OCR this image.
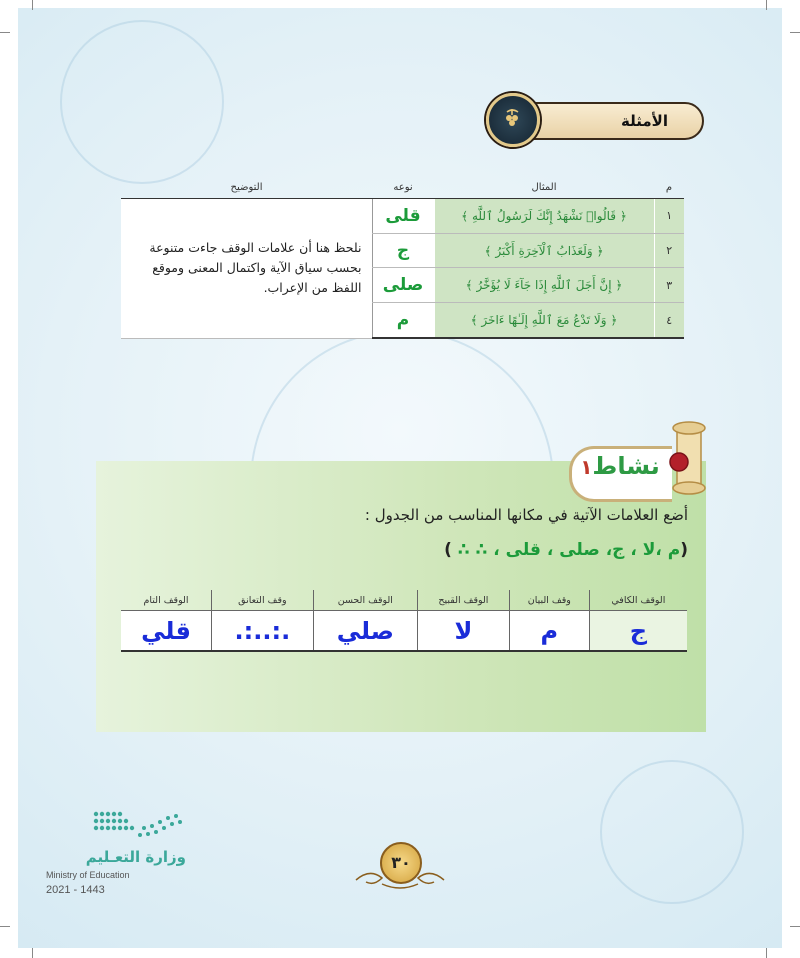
الأمثلة
م	المثال	نوعه	التوضيح
١	﴿ قَالُوا۟ نَشْهَدُ إِنَّكَ لَرَسُولُ ٱللَّهِ ﴾	قلى	نلحظ هنا أن علامات الوقف جاءت متنوعة بحسب سياق الآية واكتمال المعنى وموقع اللفظ من الإعراب.
٢	﴿ وَلَعَذَابُ ٱلْآخِرَةِ أَكْبَرُ ﴾	ج	
٣	﴿ إِنَّ أَجَلَ ٱللَّهِ إِذَا جَآءَ لَا يُؤَخَّرُ ﴾	صلى	
٤	﴿ وَلَا تَدْعُ مَعَ ٱللَّهِ إِلَـٰهًا ءَاخَرَ ﴾	م	
نشاط١
أضع العلامات الآتية في مكانها المناسب من الجدول :
(م ،لا ، ج، صلى ، قلى ، ∴ ∴ )
الوقف الكافي	وقف البيان	الوقف القبيح	الوقف الحسن	وقف التعانق	الوقف التام
ج	م	لا	صلي	.:..:.	قلي
وزارة التعـليم
Ministry of Education
2021 - 1443
٣٠
